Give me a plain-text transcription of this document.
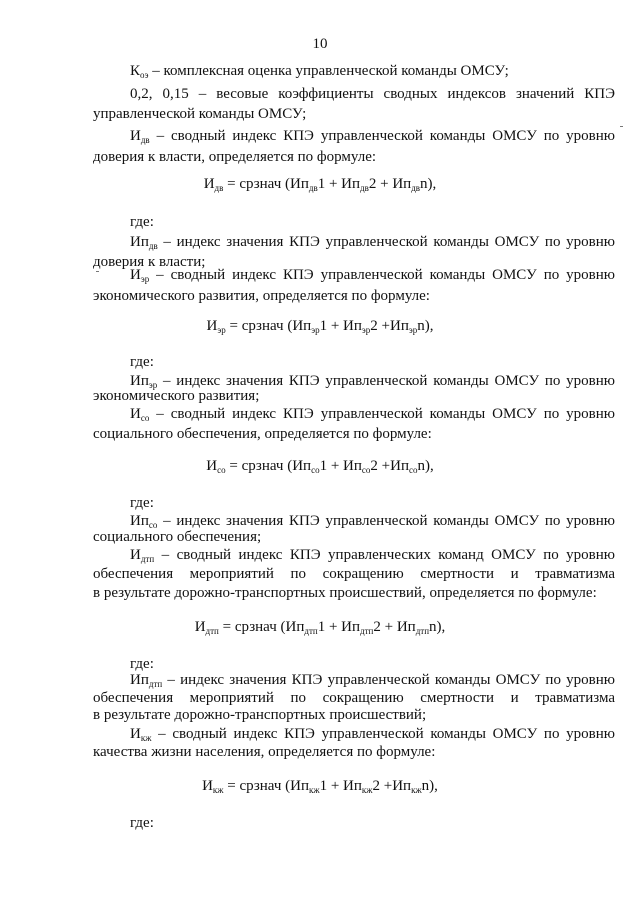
10
$К_{оэ}$ – комплексная оценка управленческой команды ОМСУ;
0,2, 0,15 – весовые коэффициенты сводных индексов значений КПЭ
управленческой команды ОМСУ;
$И_{дв}$ – сводный индекс КПЭ управленческой команды ОМСУ по уровню
доверия к власти, определяется по формуле:
$И_{дв}$ = срзнач $(Ип_{дв}1 + Ип_{дв}2 + Ип_{дв}n)$,
где:
$Ип_{дв}$ – индекс значения КПЭ управленческой команды ОМСУ по уровню
доверия к власти;
$И_{эр}$ – сводный индекс КПЭ управленческой команды ОМСУ по уровню
экономического развития, определяется по формуле:
$И_{эр}$ = срзнач $(Ип_{эр}1 + Ип_{эр}2 +Ип_{эр}n)$,
где:
$Ип_{эр}$ – индекс значения КПЭ управленческой команды ОМСУ по уровню
экономического развития;
$И_{со}$ – сводный индекс КПЭ управленческой команды ОМСУ по уровню
социального обеспечения, определяется по формуле:
$И_{со}$ = срзнач $(Ип_{со}1 + Ип_{со}2 +Ип_{со}n)$,
где:
$Ип_{со}$ – индекс значения КПЭ управленческой команды ОМСУ по уровню
социального обеспечения;
$И_{дтп}$ – сводный индекс КПЭ управленческих команд ОМСУ по уровню
обеспечения мероприятий по сокращению смертности и травматизма
в результате дорожно-транспортных происшествий, определяется по формуле:
$И_{дтп}$ = срзнач $(Ип_{дтп}1 + Ип_{дтп}2 + Ип_{дтп}n)$,
где:
$Ип_{дтп}$ – индекс значения КПЭ управленческой команды ОМСУ по уровню
обеспечения мероприятий по сокращению смертности и травматизма
в результате дорожно-транспортных происшествий;
$И_{кж}$ – сводный индекс КПЭ управленческой команды ОМСУ по уровню
качества жизни населения, определяется по формуле:
$И_{кж}$ = срзнач $(Ип_{кж}1 + Ип_{кж}2 +Ип_{кж}n)$,
где:
